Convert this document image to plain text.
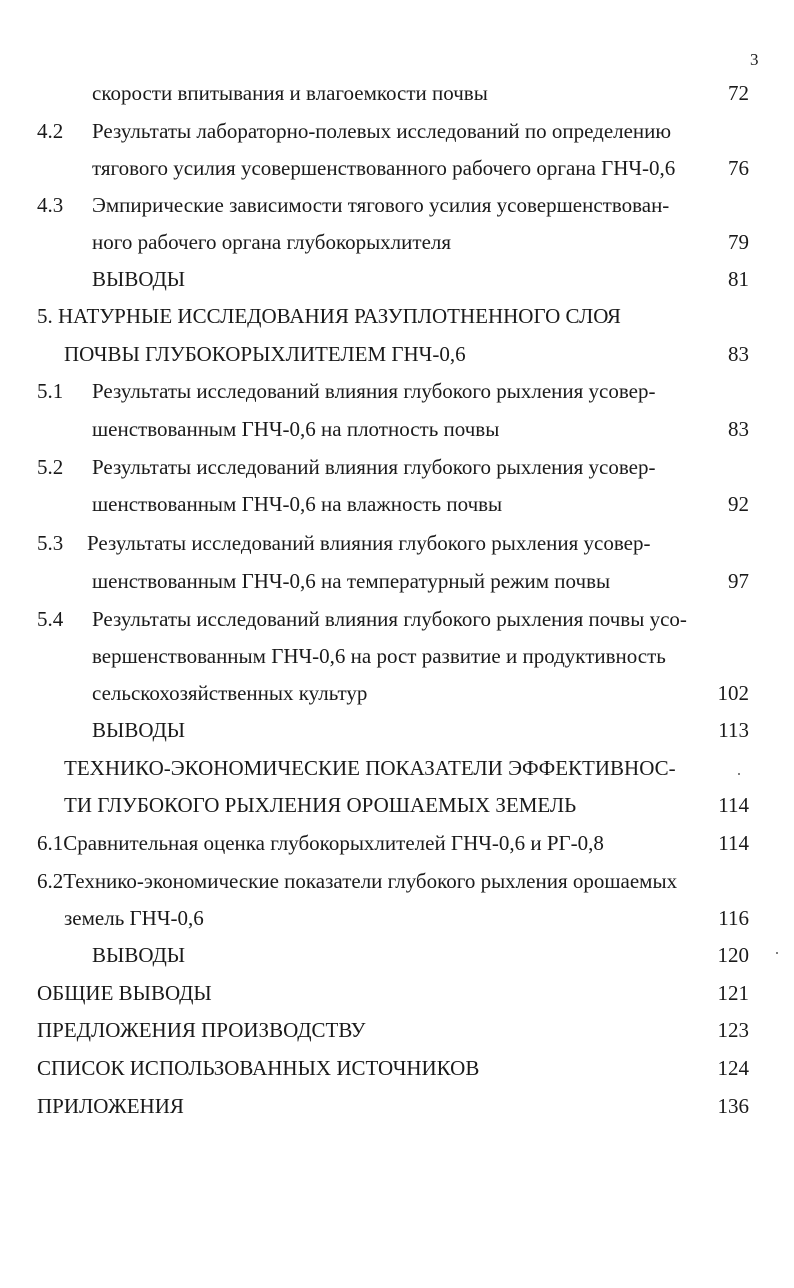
3
скорости впитывания и влагоемкости почвы	72
4.2 Результаты лабораторно-полевых исследований по определению
тягового усилия усовершенствованного рабочего органа ГНЧ-0,6	76
4.3 Эмпирические зависимости тягового усилия усовершенствован-
ного рабочего органа глубокорыхлителя	79
ВЫВОДЫ	81
5. НАТУРНЫЕ ИССЛЕДОВАНИЯ РАЗУПЛОТНЕННОГО СЛОЯ
ПОЧВЫ ГЛУБОКОРЫХЛИТЕЛЕМ ГНЧ-0,6	83
5.1 Результаты исследований влияния глубокого рыхления усовер-
шенствованным ГНЧ-0,6 на плотность почвы	83
5.2 Результаты исследований влияния глубокого рыхления усовер-
шенствованным ГНЧ-0,6 на влажность почвы	92
5.3 Результаты исследований влияния глубокого рыхления усовер-
шенствованным ГНЧ-0,6 на температурный режим почвы	97
5.4 Результаты исследований влияния глубокого рыхления почвы усо-
вершенствованным ГНЧ-0,6 на рост развитие и продуктивность
сельскохозяйственных культур	102
ВЫВОДЫ	113
ТЕХНИКО-ЭКОНОМИЧЕСКИЕ ПОКАЗАТЕЛИ ЭФФЕКТИВНОС-
ТИ ГЛУБОКОГО РЫХЛЕНИЯ ОРОШАЕМЫХ ЗЕМЕЛЬ	114
6.1Сравнительная оценка глубокорыхлителей ГНЧ-0,6 и РГ-0,8	114
6.2Технико-экономические показатели глубокого рыхления орошаемых
земель ГНЧ-0,6	116
ВЫВОДЫ	120
ОБЩИЕ ВЫВОДЫ	121
ПРЕДЛОЖЕНИЯ ПРОИЗВОДСТВУ	123
СПИСОК ИСПОЛЬЗОВАННЫХ ИСТОЧНИКОВ	124
ПРИЛОЖЕНИЯ	136
